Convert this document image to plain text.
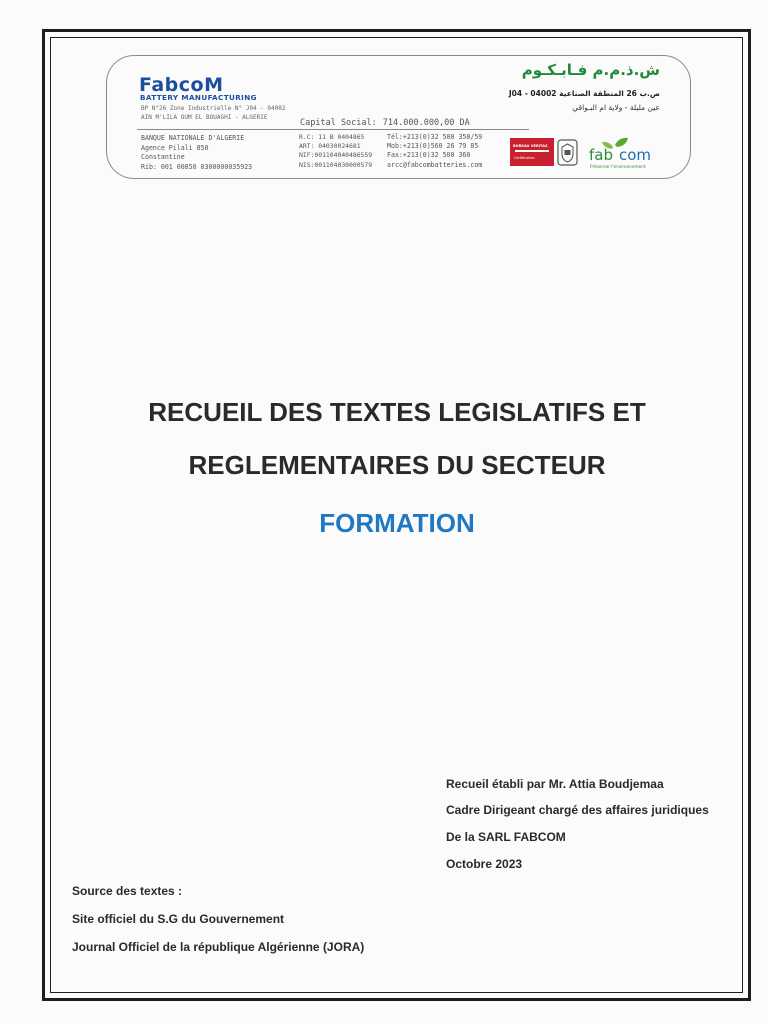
FabcoM
BATTERY MANUFACTURING
BP N°26 Zone Industrielle N° J04 - 04002
AIN M'LILA OUM EL BOUAGHI - ALGERIE
Capital Social: 714.000.000,00 DA
BANQUE NATIONALE D'ALGERIE
Agence Pilali 850
Constantine
Rib: 001 00850 0300000035923
R.C: 11 B 0404865
ART: 04030024681
NIF:001104040486559
NIS:001104030000579
Tél:+213(0)32 500 358/59
Mob:+213(0)560 26 79 85
Fax:+213(0)32 500 360
arcc@fabcombatteries.com
ش.ذ.م.م فـابـكـوم
ص.ب 26 المنطقة الصناعية J04 - 04002
عين مليلة - ولاية ام البـواقي
BUREAU VERITAS
Certification	fab com
Préserver l'environnement
RECUEIL DES TEXTES LEGISLATIFS ET
REGLEMENTAIRES DU SECTEUR
FORMATION
Recueil établi par Mr. Attia Boudjemaa
Cadre Dirigeant chargé des affaires juridiques
De la SARL FABCOM
Octobre 2023
Source des textes :
Site officiel du S.G du Gouvernement
Journal Officiel de la république Algérienne (JORA)
